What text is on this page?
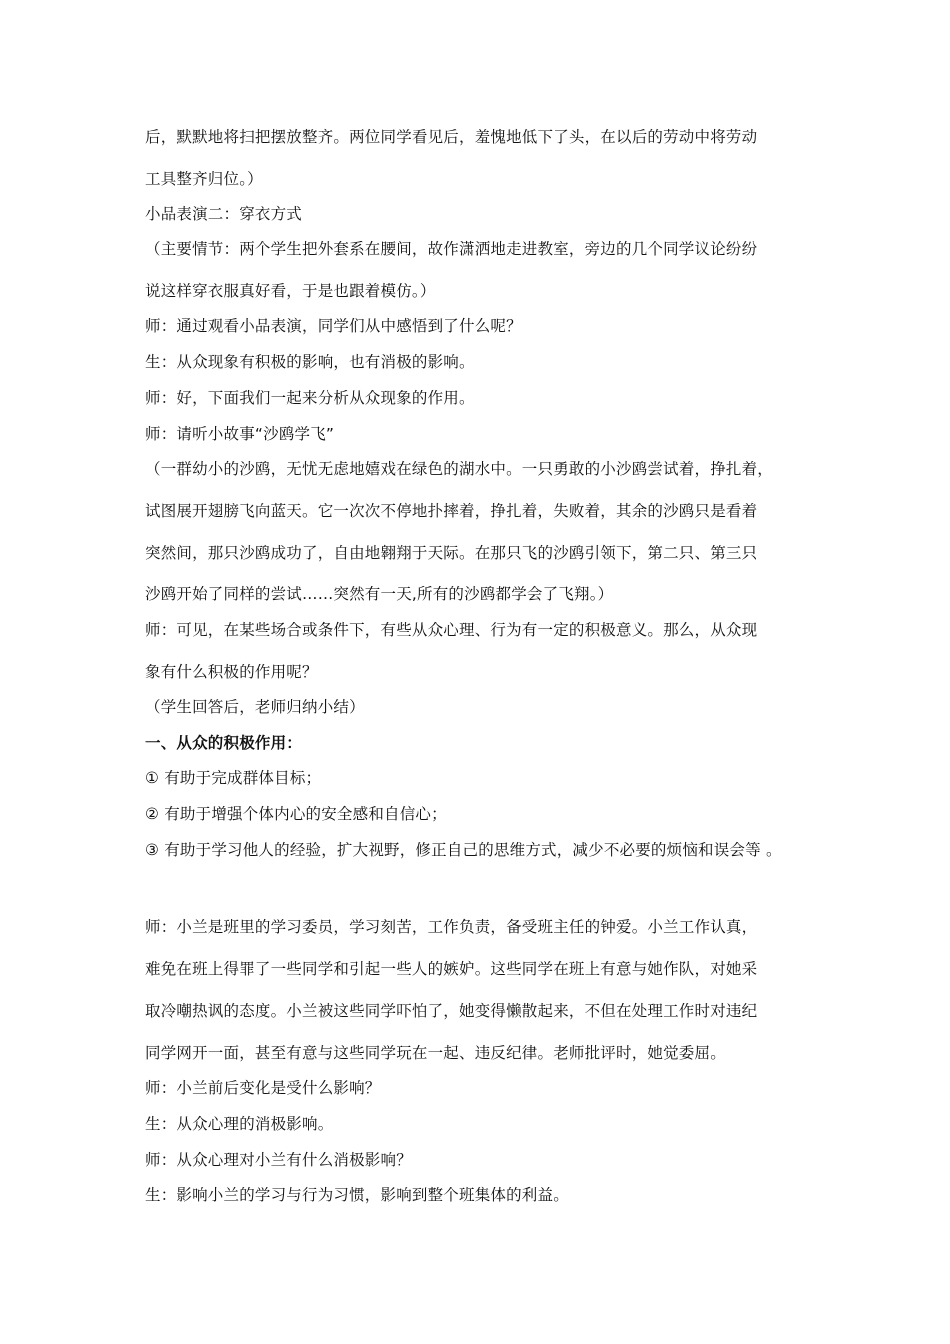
后，默默地将扫把摆放整齐。两位同学看见后，羞愧地低下了头，在以后的劳动中将劳动
工具整齐归位。）
小品表演二：穿衣方式
（主要情节：两个学生把外套系在腰间，故作潇洒地走进教室，旁边的几个同学议论纷纷
说这样穿衣服真好看，于是也跟着模仿。）
师：通过观看小品表演，同学们从中感悟到了什么呢？
生：从众现象有积极的影响，也有消极的影响。
师：好，下面我们一起来分析从众现象的作用。
师：请听小故事“沙鸥学飞”
（一群幼小的沙鸥，无忧无虑地嬉戏在绿色的湖水中。一只勇敢的小沙鸥尝试着，挣扎着，
试图展开翅膀飞向蓝天。它一次次不停地扑摔着，挣扎着，失败着，其余的沙鸥只是看着
突然间，那只沙鸥成功了，自由地翱翔于天际。在那只飞的沙鸥引领下，第二只、第三只
沙鸥开始了同样的尝试……突然有一天,所有的沙鸥都学会了飞翔。）
师：可见，在某些场合或条件下，有些从众心理、行为有一定的积极意义。那么，从众现
象有什么积极的作用呢？
（学生回答后，老师归纳小结）
一、从众的积极作用：
① 有助于完成群体目标；
② 有助于增强个体内心的安全感和自信心；
③ 有助于学习他人的经验，扩大视野，修正自己的思维方式，减少不必要的烦恼和误会等 。
师：小兰是班里的学习委员，学习刻苦，工作负责，备受班主任的钟爱。小兰工作认真，
难免在班上得罪了一些同学和引起一些人的嫉妒。这些同学在班上有意与她作队，对她采
取冷嘲热讽的态度。小兰被这些同学吓怕了，她变得懒散起来，不但在处理工作时对违纪
同学网开一面，甚至有意与这些同学玩在一起、违反纪律。老师批评时，她觉委屈。
师：小兰前后变化是受什么影响？
生：从众心理的消极影响。
师：从众心理对小兰有什么消极影响？
生：影响小兰的学习与行为习惯，影响到整个班集体的利益。
